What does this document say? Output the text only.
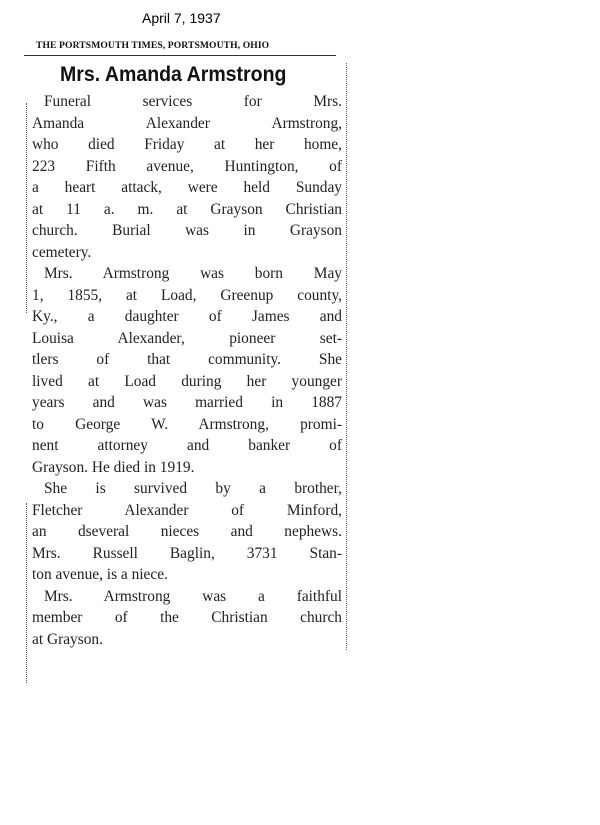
April 7, 1937
THE PORTSMOUTH TIMES, PORTSMOUTH, OHIO
Mrs. Amanda Armstrong

Funeral services for Mrs.
Amanda Alexander Armstrong,
who died Friday at her home,
223 Fifth avenue, Huntington, of
a heart attack, were held Sunday
at 11 a. m. at Grayson Christian
church. Burial was in Grayson
cemetery.

Mrs. Armstrong was born May
1, 1855, at Load, Greenup county,
Ky., a daughter of James and
Louisa Alexander, pioneer set-
tlers of that community. She
lived at Load during her younger
years and was married in 1887
to George W. Armstrong, promi-
nent attorney and banker of
Grayson. He died in 1919.

She is survived by a brother,
Fletcher Alexander of Minford,
an dseveral nieces and nephews.
Mrs. Russell Baglin, 3731 Stan-
ton avenue, is a niece.

Mrs. Armstrong was a faithful
member of the Christian church
at Grayson.
